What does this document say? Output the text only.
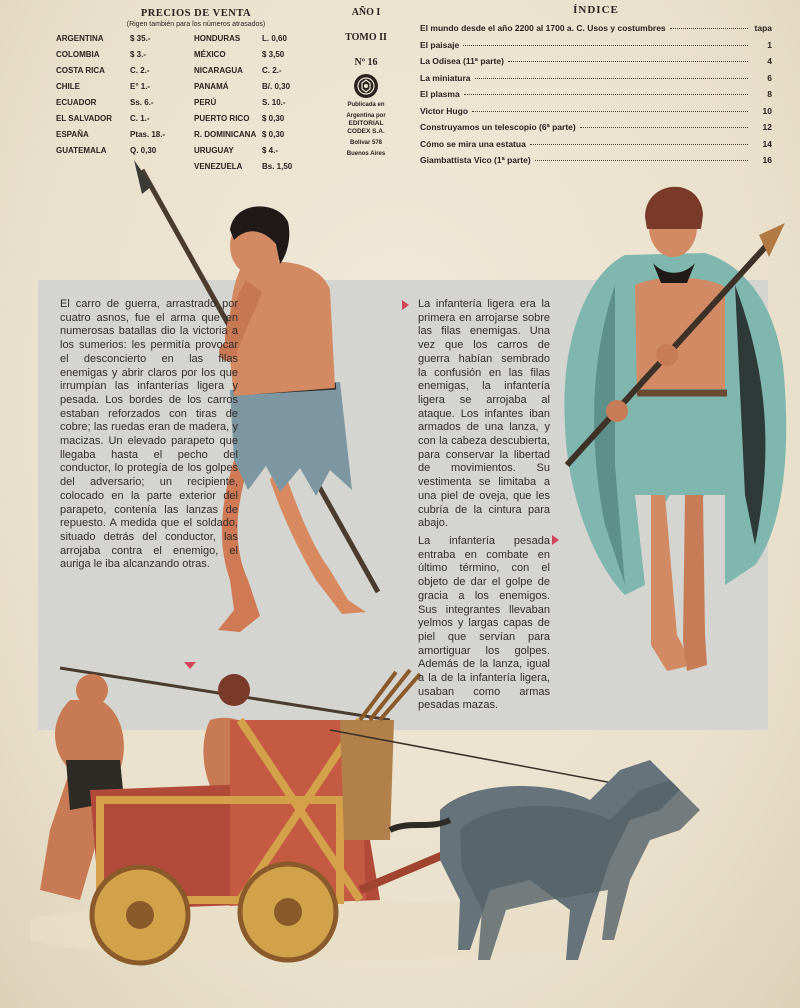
PRECIOS DE VENTA
(Rigen también para los números atrasados)
ARGENTINA	$ 35.-	HONDURAS	L. 0,60
COLOMBIA	$ 3.-	MÉXICO	$ 3,50
COSTA RICA	C. 2.-	NICARAGUA C. 2.-
CHILE	E° 1.-	PANAMÁ	B/. 0,30
ECUADOR	Ss. 6.-	PERÚ	S. 10.-
EL SALVADOR C. 1.-	PUERTO RICO $ 0,30
ESPAÑA	Ptas. 18.-	R. DOMINICANA $ 0,30
GUATEMALA	Q. 0,30	URUGUAY	$ 4.-
VENEZUELA Bs. 1,50
AÑO I
TOMO II
Nº 16
Publicada en
Argentina por
EDITORIAL
CODEX S.A.
Bolívar 578
Buenos Aires
ÍNDICE
El mundo desde el año 2200 al 1700 a. C. Usos y costumbres	tapa
El paisaje	1
La Odisea (11ª parte)	4
La miniatura	6
El plasma	8
Victor Hugo	10
Construyamos un telescopio (6ª parte)	12
Cómo se mira una estatua	14
Giambattista Vico (1ª parte)	16
El carro de guerra, arrastrado por cuatro asnos, fue el arma que en numerosas batallas dio la victoria a los sumerios: les permitía provocar el desconcierto en las filas enemigas y abrir claros por los que irrumpían las infanterías ligera y pesada. Los bordes de los carros estaban reforzados con tiras de cobre; las ruedas eran de madera, y macizas. Un elevado parapeto que llegaba hasta el pecho del conductor, lo protegía de los golpes del adversario; un recipiente, colocado en la parte exterior del parapeto, contenía las lanzas de repuesto. A medida que el soldado, situado detrás del conductor, las arrojaba contra el enemigo, el auriga le iba alcanzando otras.
La infantería ligera era la primera en arrojarse sobre las filas enemigas. Una vez que los carros de guerra habían sembrado la confusión en las filas enemigas, la infantería ligera se arrojaba al ataque. Los infantes iban armados de una lanza, y con la cabeza descubierta, para conservar la libertad de movimientos. Su vestimenta se limitaba a una piel de oveja, que les cubría de la cintura para abajo.
La infantería pesada entraba en combate en último término, con el objeto de dar el golpe de gracia a los enemigos. Sus integrantes llevaban yelmos y largas capas de piel que servían para amortiguar los golpes. Además de la lanza, igual a la de la infantería ligera, usaban como armas pesadas mazas.
